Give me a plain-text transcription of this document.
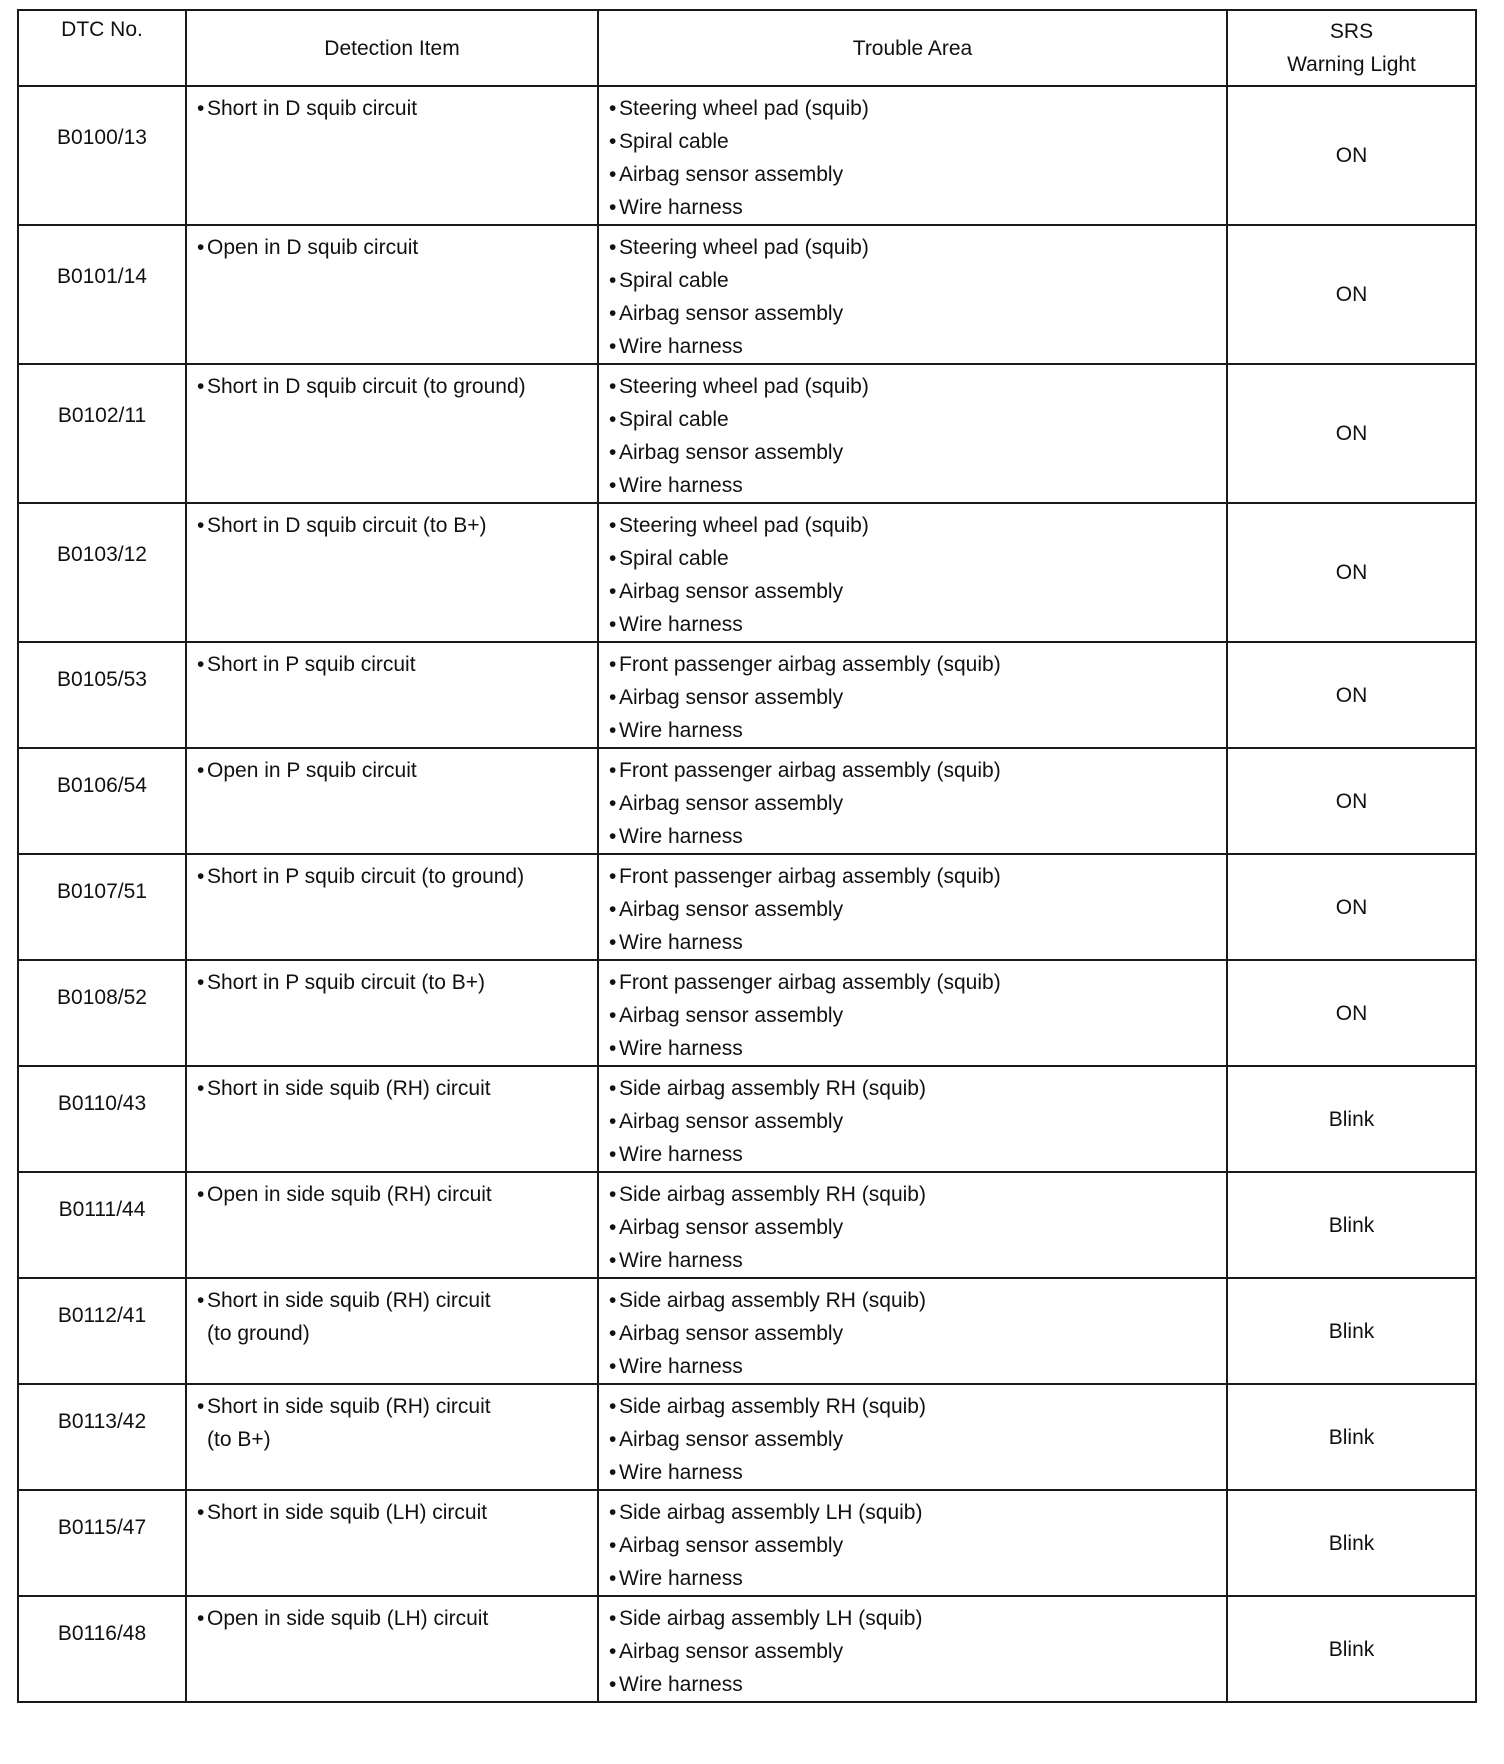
DTC No.	Detection Item	Trouble Area	SRS
Warning Light

B0100/13	• Short in D squib circuit	• Steering wheel pad (squib)
• Spiral cable
• Airbag sensor assembly
• Wire harness	ON
B0101/14	• Open in D squib circuit	• Steering wheel pad (squib)
• Spiral cable
• Airbag sensor assembly
• Wire harness	ON
B0102/11	• Short in D squib circuit (to ground)	• Steering wheel pad (squib)
• Spiral cable
• Airbag sensor assembly
• Wire harness	ON
B0103/12	• Short in D squib circuit (to B+)	• Steering wheel pad (squib)
• Spiral cable
• Airbag sensor assembly
• Wire harness	ON
B0105/53	• Short in P squib circuit	• Front passenger airbag assembly (squib)
• Airbag sensor assembly
• Wire harness	ON
B0106/54	• Open in P squib circuit	• Front passenger airbag assembly (squib)
• Airbag sensor assembly
• Wire harness	ON
B0107/51	• Short in P squib circuit (to ground)	• Front passenger airbag assembly (squib)
• Airbag sensor assembly
• Wire harness	ON
B0108/52	• Short in P squib circuit (to B+)	• Front passenger airbag assembly (squib)
• Airbag sensor assembly
• Wire harness	ON
B0110/43	• Short in side squib (RH) circuit	• Side airbag assembly RH (squib)
• Airbag sensor assembly
• Wire harness	Blink
B0111/44	• Open in side squib (RH) circuit	• Side airbag assembly RH (squib)
• Airbag sensor assembly
• Wire harness	Blink
B0112/41	• Short in side squib (RH) circuit
(to ground)	• Side airbag assembly RH (squib)
• Airbag sensor assembly
• Wire harness	Blink
B0113/42	• Short in side squib (RH) circuit
(to B+)	• Side airbag assembly RH (squib)
• Airbag sensor assembly
• Wire harness	Blink
B0115/47	• Short in side squib (LH) circuit	• Side airbag assembly LH (squib)
• Airbag sensor assembly
• Wire harness	Blink
B0116/48	• Open in side squib (LH) circuit	• Side airbag assembly LH (squib)
• Airbag sensor assembly
• Wire harness	Blink
